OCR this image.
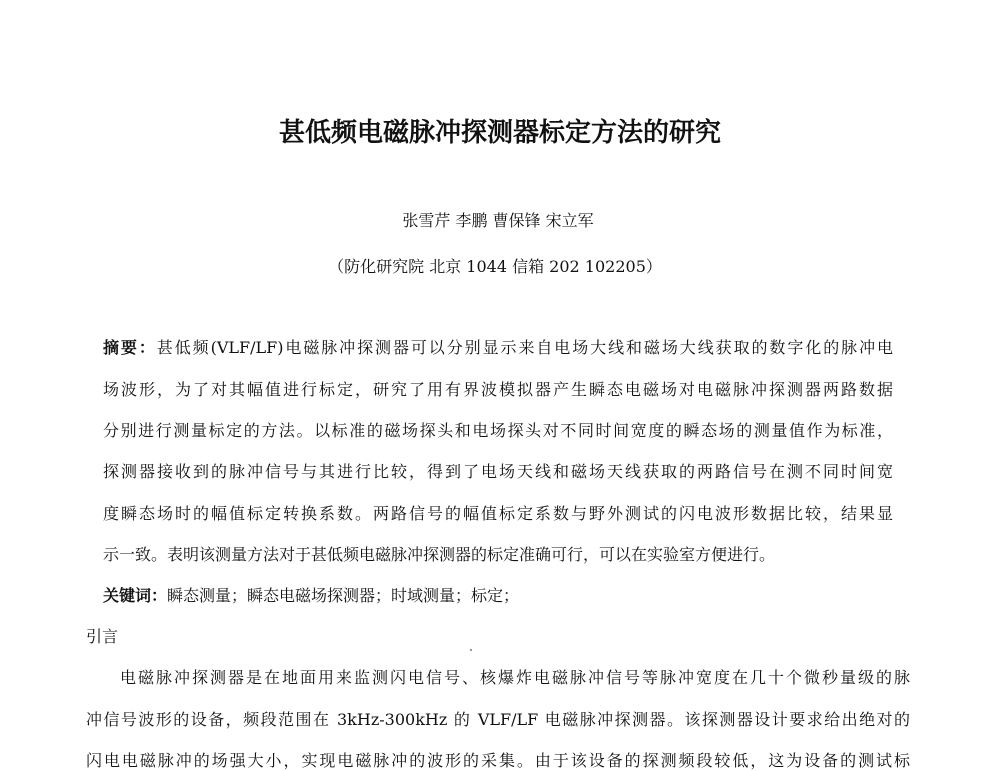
甚低频电磁脉冲探测器标定方法的研究
张雪芹 李鹏 曹保锋 宋立军
（防化研究院 北京 1044 信箱 202 102205）
摘要：甚低频(VLF/LF)电磁脉冲探测器可以分别显示来自电场大线和磁场大线获取的数字化的脉冲电
场波形，为了对其幅值进行标定，研究了用有界波模拟器产生瞬态电磁场对电磁脉冲探测器两路数据
分别进行测量标定的方法。以标准的磁场探头和电场探头对不同时间宽度的瞬态场的测量值作为标准，
探测器接收到的脉冲信号与其进行比较，得到了电场天线和磁场天线获取的两路信号在测不同时间宽
度瞬态场时的幅值标定转换系数。两路信号的幅值标定系数与野外测试的闪电波形数据比较，结果显
示一致。表明该测量方法对于甚低频电磁脉冲探测器的标定准确可行，可以在实验室方便进行。
关键词：瞬态测量；瞬态电磁场探测器；时域测量；标定；
引言
电磁脉冲探测器是在地面用来监测闪电信号、核爆炸电磁脉冲信号等脉冲宽度在几十个微秒量级的脉
冲信号波形的设备，频段范围在 3kHz-300kHz 的 VLF/LF 电磁脉冲探测器。该探测器设计要求给出绝对的
闪电电磁脉冲的场强大小，实现电磁脉冲的波形的采集。由于该设备的探测频段较低，这为设备的测试标
